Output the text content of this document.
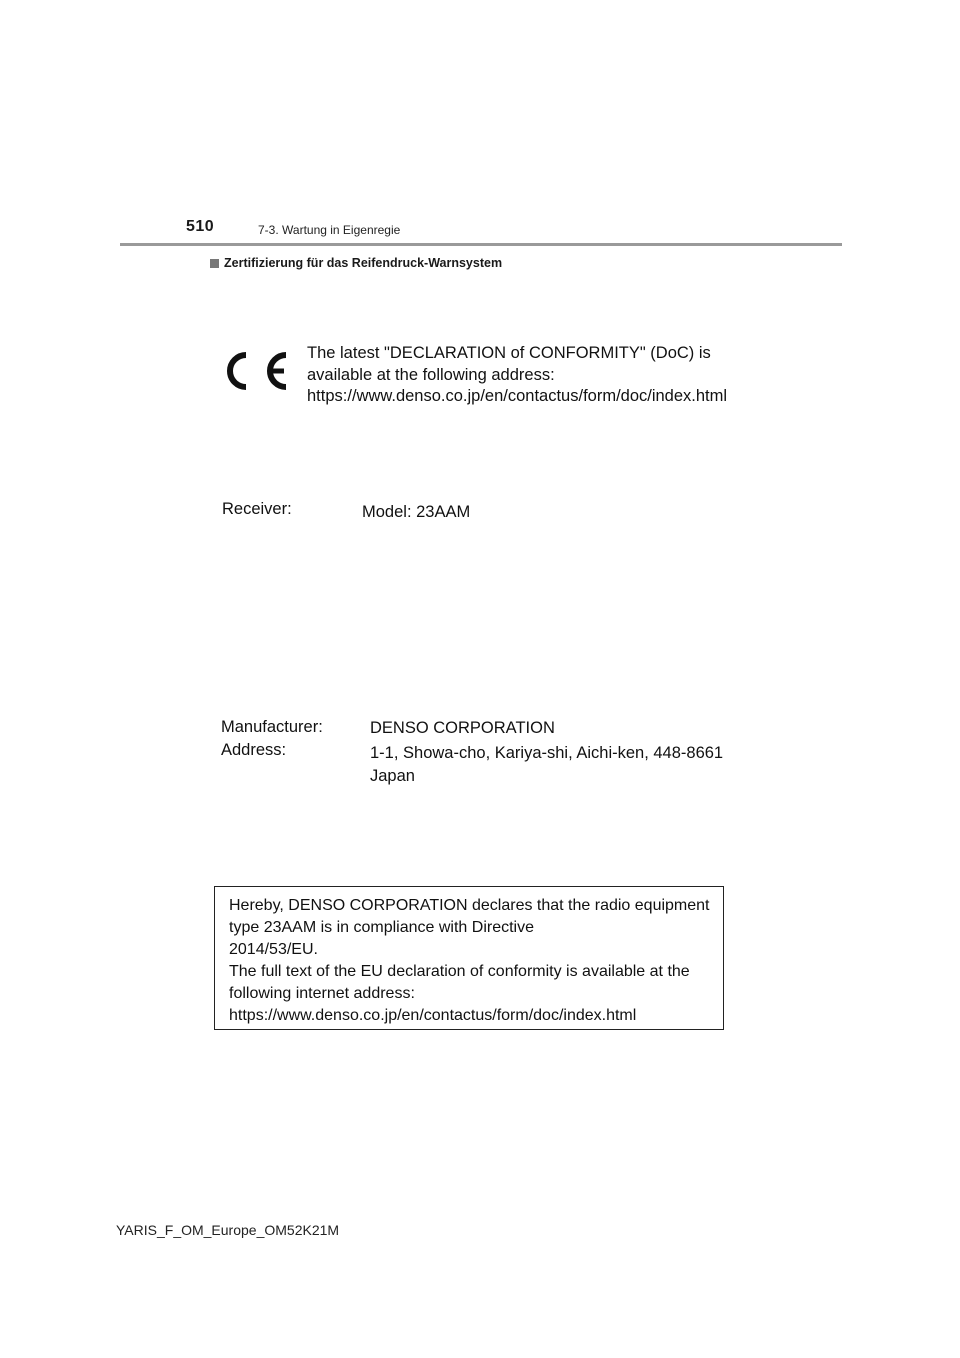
510	7-3. Wartung in Eigenregie
Zertifizierung für das Reifendruck-Warnsystem
The latest "DECLARATION of CONFORMITY" (DoC) is
available at the following address:
https://www.denso.co.jp/en/contactus/form/doc/index.html
Receiver:	Model: 23AAM
Manufacturer:
Address:
DENSO CORPORATION
1-1, Showa-cho, Kariya-shi, Aichi-ken, 448-8661
Japan
Hereby, DENSO CORPORATION declares that the radio equipment
type 23AAM is in compliance with Directive
2014/53/EU.
The full text of the EU declaration of conformity is available at the
following internet address:
https://www.denso.co.jp/en/contactus/form/doc/index.html
YARIS_F_OM_Europe_OM52K21M
